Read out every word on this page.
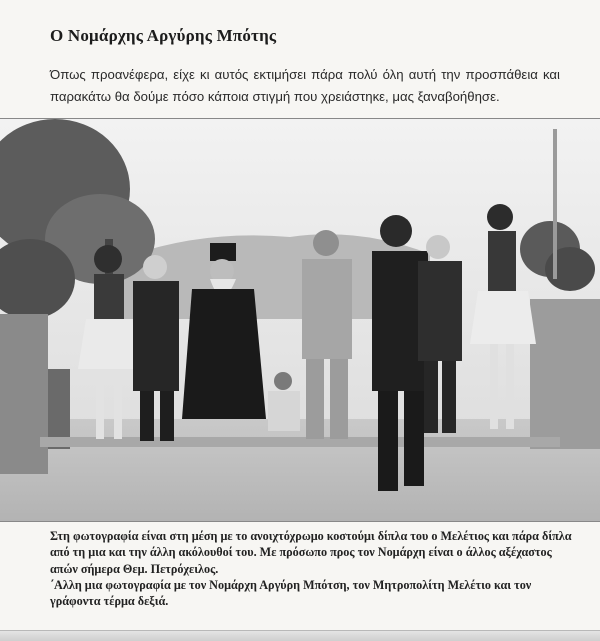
Ο Νομάρχης Αργύρης Μπότης
Όπως προανέφερα, είχε κι αυτός εκτιμήσει πάρα πολύ όλη αυτή την προσπάθεια και παρακάτω θα δούμε πόσο κάποια στιγμή που χρειάστηκε, μας ξαναβοήθησε.

Στη φωτογραφία είναι στη μέση με το ανοιχτόχρωμο κοστούμι δίπλα του ο Μελέτιος και πάρα δίπλα από τη μια και την άλλη ακόλουθοί του. Με πρόσωπο προς τον Νομάρχη είναι ο άλλος αξέχαστος απών σήμερα Θεμ. Πετρόχειλος.

΄Αλλη μια φωτογραφία με τον Νομάρχη Αργύρη Μπότση, τον Μητροπολίτη Μελέτιο και τον γράφοντα τέρμα δεξιά.
